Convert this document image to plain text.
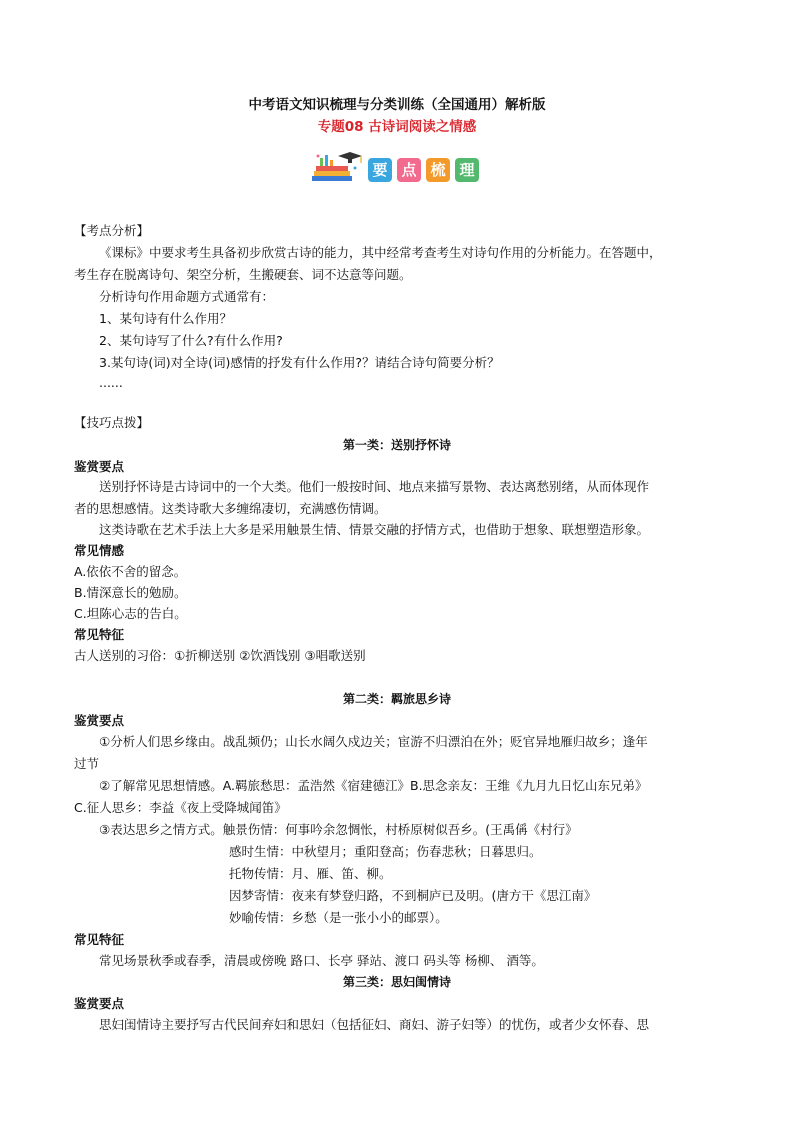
中考语文知识梳理与分类训练（全国通用）解析版
专题08 古诗词阅读之情感
要 点 梳 理
【考点分析】
《课标》中要求考生具备初步欣赏古诗的能力，其中经常考查考生对诗句作用的分析能力。在答题中，
考生存在脱离诗句、架空分析，生搬硬套、词不达意等问题。
分析诗句作用命题方式通常有：
1、某句诗有什么作用？
2、某句诗写了什么?有什么作用?
3.某句诗(词)对全诗(词)感情的抒发有什么作用?？请结合诗句简要分析？
......
【技巧点拨】
第一类：送别抒怀诗
鉴赏要点
送别抒怀诗是古诗词中的一个大类。他们一般按时间、地点来描写景物、表达离愁别绪，从而体现作
者的思想感情。这类诗歌大多缠绵凄切，充满感伤情调。
这类诗歌在艺术手法上大多是采用触景生情、情景交融的抒情方式，也借助于想象、联想塑造形象。
常见情感
A.依依不舍的留念。
B.情深意长的勉励。
C.坦陈心志的告白。
常见特征
古人送别的习俗：①折柳送别 ②饮酒饯别 ③唱歌送别
第二类：羁旅思乡诗
鉴赏要点
①分析人们思乡缘由。战乱频仍；山长水阔久戍边关；宦游不归漂泊在外；贬官异地雁归故乡；逢年
过节
②了解常见思想情感。A.羁旅愁思：孟浩然《宿建德江》B.思念亲友：王维《九月九日忆山东兄弟》
C.征人思乡：李益《夜上受降城闻笛》
③表达思乡之情方式。触景伤情：何事吟余忽惆怅，村桥原树似吾乡。(王禹偁《村行》
感时生情：中秋望月；重阳登高；伤春悲秋；日暮思归。
托物传情：月、雁、笛、柳。
因梦寄情：夜来有梦登归路，不到桐庐已及明。(唐方干《思江南》
妙喻传情：乡愁（是一张小小的邮票）。
常见特征
常见场景秋季或春季，清晨或傍晚 路口、长亭 驿站、渡口 码头等 杨柳、 酒等。
第三类：思妇闺情诗
鉴赏要点
思妇闺情诗主要抒写古代民间弃妇和思妇（包括征妇、商妇、游子妇等）的忧伤，或者少女怀春、思
